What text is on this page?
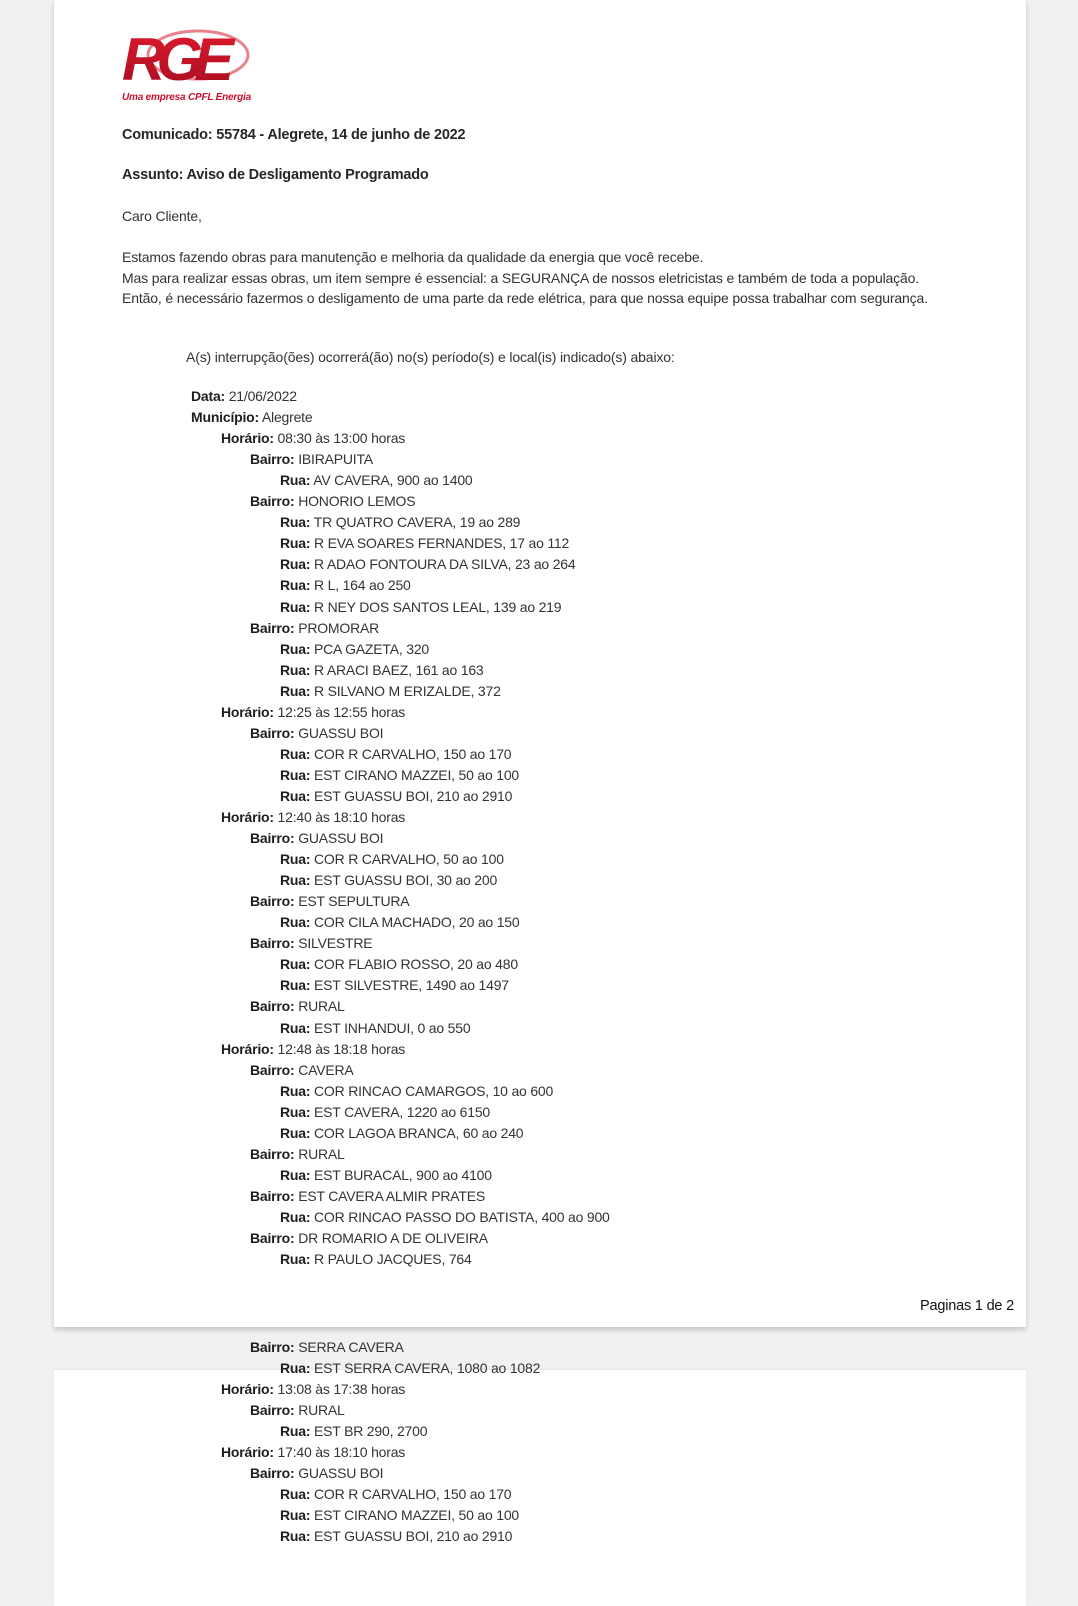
RGE
Uma empresa CPFL Energia
Comunicado: 55784 - Alegrete, 14 de junho de 2022
Assunto: Aviso de Desligamento Programado
Caro Cliente,
Estamos fazendo obras para manutenção e melhoria da qualidade da energia que você recebe.
Mas para realizar essas obras, um item sempre é essencial: a SEGURANÇA de nossos eletricistas e também de toda a população.
Então, é necessário fazermos o desligamento de uma parte da rede elétrica, para que nossa equipe possa trabalhar com segurança.
A(s) interrupção(ões) ocorrerá(ão) no(s) período(s) e local(is) indicado(s) abaixo:
Data: 21/06/2022
Município: Alegrete
Horário: 08:30 às 13:00 horas
Bairro: IBIRAPUITA
Rua: AV CAVERA, 900 ao 1400
Bairro: HONORIO LEMOS
Rua: TR QUATRO CAVERA, 19 ao 289
Rua: R EVA SOARES FERNANDES, 17 ao 112
Rua: R ADAO FONTOURA DA SILVA, 23 ao 264
Rua: R L, 164 ao 250
Rua: R NEY DOS SANTOS LEAL, 139 ao 219
Bairro: PROMORAR
Rua: PCA GAZETA, 320
Rua: R ARACI BAEZ, 161 ao 163
Rua: R SILVANO M ERIZALDE, 372
Horário: 12:25 às 12:55 horas
Bairro: GUASSU BOI
Rua: COR R CARVALHO, 150 ao 170
Rua: EST CIRANO MAZZEI, 50 ao 100
Rua: EST GUASSU BOI, 210 ao 2910
Horário: 12:40 às 18:10 horas
Bairro: GUASSU BOI
Rua: COR R CARVALHO, 50 ao 100
Rua: EST GUASSU BOI, 30 ao 200
Bairro: EST SEPULTURA
Rua: COR CILA MACHADO, 20 ao 150
Bairro: SILVESTRE
Rua: COR FLABIO ROSSO, 20 ao 480
Rua: EST SILVESTRE, 1490 ao 1497
Bairro: RURAL
Rua: EST INHANDUI, 0 ao 550
Horário: 12:48 às 18:18 horas
Bairro: CAVERA
Rua: COR RINCAO CAMARGOS, 10 ao 600
Rua: EST CAVERA, 1220 ao 6150
Rua: COR LAGOA BRANCA, 60 ao 240
Bairro: RURAL
Rua: EST BURACAL, 900 ao 4100
Bairro: EST CAVERA ALMIR PRATES
Rua: COR RINCAO PASSO DO BATISTA, 400 ao 900
Bairro: DR ROMARIO A DE OLIVEIRA
Rua: R PAULO JACQUES, 764
Paginas 1 de 2
Bairro: SERRA CAVERA
Rua: EST SERRA CAVERA, 1080 ao 1082
Horário: 13:08 às 17:38 horas
Bairro: RURAL
Rua: EST BR 290, 2700
Horário: 17:40 às 18:10 horas
Bairro: GUASSU BOI
Rua: COR R CARVALHO, 150 ao 170
Rua: EST CIRANO MAZZEI, 50 ao 100
Rua: EST GUASSU BOI, 210 ao 2910
